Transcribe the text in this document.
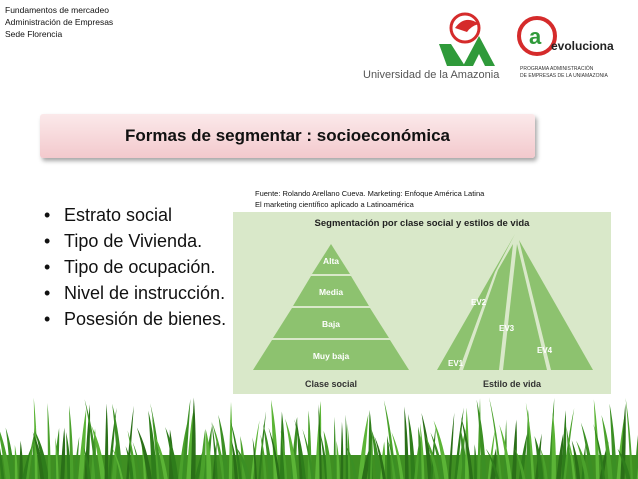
Fundamentos de mercadeo
Administración de Empresas
Sede Florencia
Universidad de la Amazonia
a evoluciona
PROGRAMA ADMINISTRACIÓN
DE EMPRESAS DE LA UNIAMAZONIA
Formas de segmentar : socioeconómica
• Estrato social
• Tipo de Vivienda.
• Tipo de ocupación.
• Nivel de instrucción.
• Posesión de bienes.
Fuente: Rolando Arellano Cueva. Marketing: Enfoque América Latina
El marketing científico aplicado a Latinoamérica
Segmentación por clase social y estilos de vida
Alta
Media
Baja
Muy baja
EV1
EV2
EV3
EV4
Clase social	Estilo de vida
